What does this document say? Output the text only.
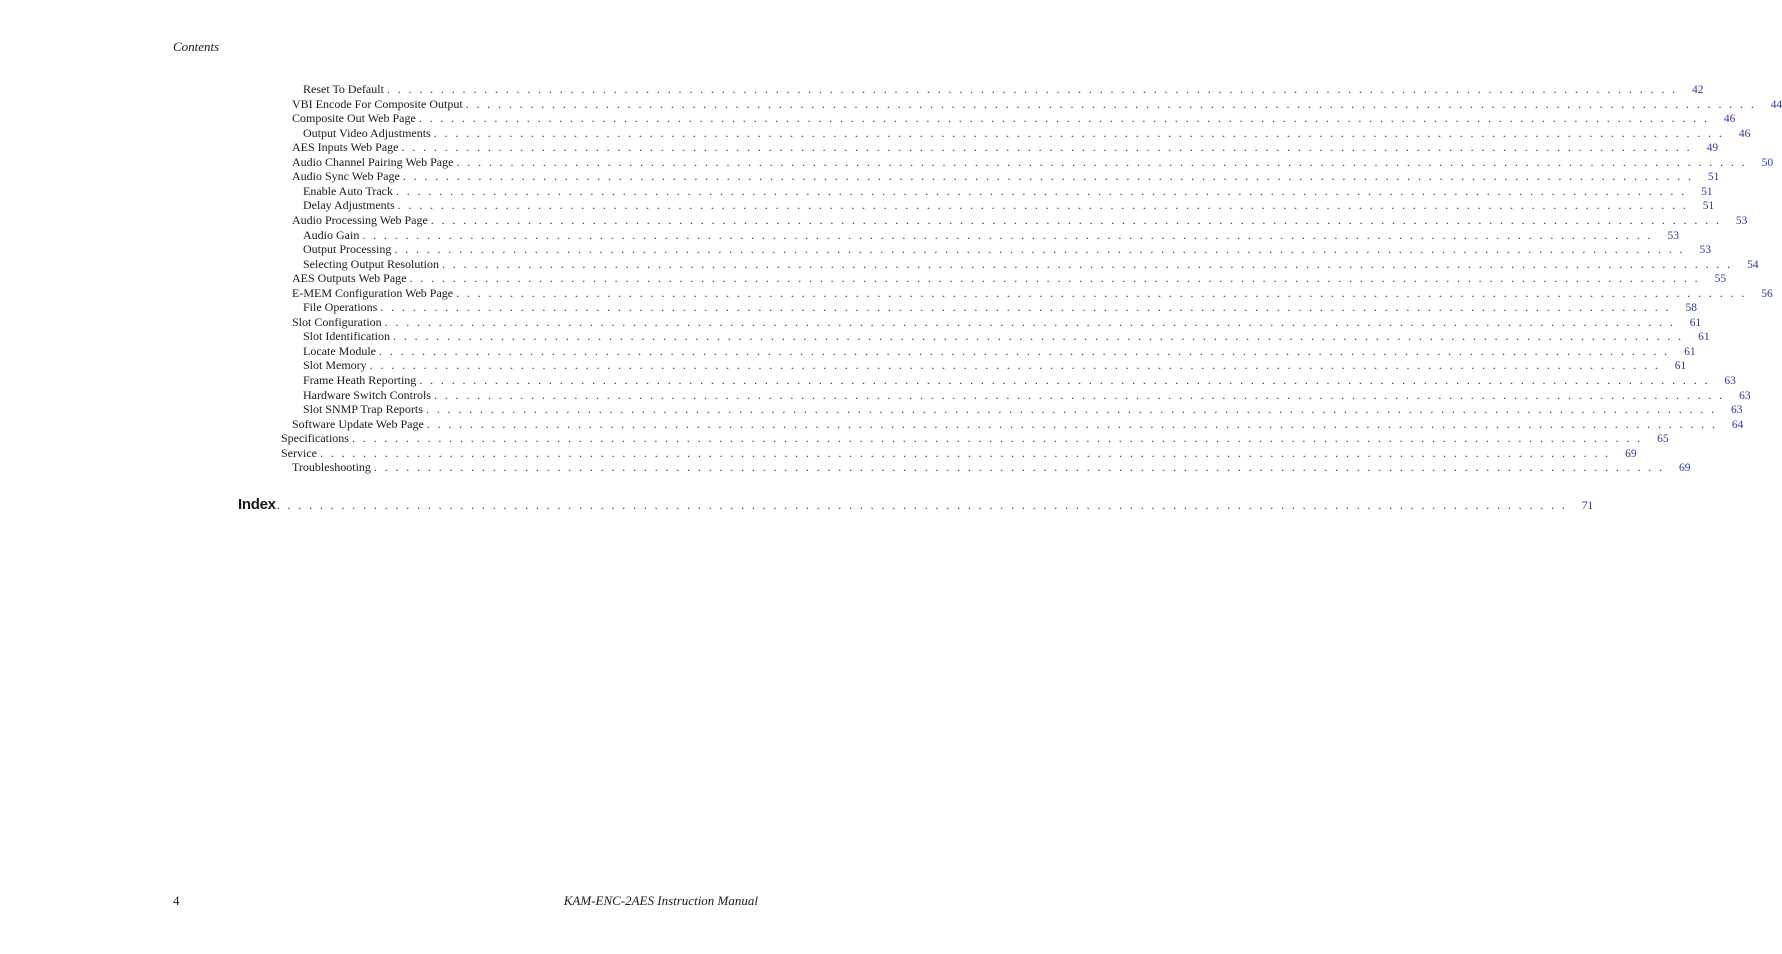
Contents
Reset To Default . . . . . . . . . . . . . . . . . . . . . . . . . . . . . . . . . . . . . . . . . . . . . . . . . . . . . . . . . . . . . . . . . . . . . . . . . . . . . . . . . . . . . . . . . . . . . . . . . . . . . . . . . . . . . . . . . . . . . . . .	42
VBI Encode For Composite Output . . . . . . . . . . . . . . . . . . . . . . . . . . . . . . . . . . . . . . . . . . . . . . . . . . . . . . . . . . . . . . . . . . . . . . . . . . . . . . . . . . . . . . . . . . . . . . . . . . . . . . . . . . . . . . . . . . . . . . . .	44
Composite Out Web Page . . . . . . . . . . . . . . . . . . . . . . . . . . . . . . . . . . . . . . . . . . . . . . . . . . . . . . . . . . . . . . . . . . . . . . . . . . . . . . . . . . . . . . . . . . . . . . . . . . . . . . . . . . . . . . . . . . . . . . . .	46
Output Video Adjustments . . . . . . . . . . . . . . . . . . . . . . . . . . . . . . . . . . . . . . . . . . . . . . . . . . . . . . . . . . . . . . . . . . . . . . . . . . . . . . . . . . . . . . . . . . . . . . . . . . . . . . . . . . . . . . . . . . . . . . . .	46
AES Inputs Web Page . . . . . . . . . . . . . . . . . . . . . . . . . . . . . . . . . . . . . . . . . . . . . . . . . . . . . . . . . . . . . . . . . . . . . . . . . . . . . . . . . . . . . . . . . . . . . . . . . . . . . . . . . . . . . . . . . . . . . . . .	49
Audio Channel Pairing Web Page . . . . . . . . . . . . . . . . . . . . . . . . . . . . . . . . . . . . . . . . . . . . . . . . . . . . . . . . . . . . . . . . . . . . . . . . . . . . . . . . . . . . . . . . . . . . . . . . . . . . . . . . . . . . . . . . . . . . . . . .	50
Audio Sync Web Page . . . . . . . . . . . . . . . . . . . . . . . . . . . . . . . . . . . . . . . . . . . . . . . . . . . . . . . . . . . . . . . . . . . . . . . . . . . . . . . . . . . . . . . . . . . . . . . . . . . . . . . . . . . . . . . . . . . . . . . .	51
Enable Auto Track . . . . . . . . . . . . . . . . . . . . . . . . . . . . . . . . . . . . . . . . . . . . . . . . . . . . . . . . . . . . . . . . . . . . . . . . . . . . . . . . . . . . . . . . . . . . . . . . . . . . . . . . . . . . . . . . . . . . . . . .	51
Delay Adjustments . . . . . . . . . . . . . . . . . . . . . . . . . . . . . . . . . . . . . . . . . . . . . . . . . . . . . . . . . . . . . . . . . . . . . . . . . . . . . . . . . . . . . . . . . . . . . . . . . . . . . . . . . . . . . . . . . . . . . . . .	51
Audio Processing Web Page . . . . . . . . . . . . . . . . . . . . . . . . . . . . . . . . . . . . . . . . . . . . . . . . . . . . . . . . . . . . . . . . . . . . . . . . . . . . . . . . . . . . . . . . . . . . . . . . . . . . . . . . . . . . . . . . . . . . . . . .	53
Audio Gain . . . . . . . . . . . . . . . . . . . . . . . . . . . . . . . . . . . . . . . . . . . . . . . . . . . . . . . . . . . . . . . . . . . . . . . . . . . . . . . . . . . . . . . . . . . . . . . . . . . . . . . . . . . . . . . . . . . . . . . .	53
Output Processing . . . . . . . . . . . . . . . . . . . . . . . . . . . . . . . . . . . . . . . . . . . . . . . . . . . . . . . . . . . . . . . . . . . . . . . . . . . . . . . . . . . . . . . . . . . . . . . . . . . . . . . . . . . . . . . . . . . . . . . .	53
Selecting Output Resolution . . . . . . . . . . . . . . . . . . . . . . . . . . . . . . . . . . . . . . . . . . . . . . . . . . . . . . . . . . . . . . . . . . . . . . . . . . . . . . . . . . . . . . . . . . . . . . . . . . . . . . . . . . . . . . . . . . . . . . . .	54
AES Outputs Web Page . . . . . . . . . . . . . . . . . . . . . . . . . . . . . . . . . . . . . . . . . . . . . . . . . . . . . . . . . . . . . . . . . . . . . . . . . . . . . . . . . . . . . . . . . . . . . . . . . . . . . . . . . . . . . . . . . . . . . . . .	55
E-MEM Configuration Web Page . . . . . . . . . . . . . . . . . . . . . . . . . . . . . . . . . . . . . . . . . . . . . . . . . . . . . . . . . . . . . . . . . . . . . . . . . . . . . . . . . . . . . . . . . . . . . . . . . . . . . . . . . . . . . . . . . . . . . . . .	56
File Operations . . . . . . . . . . . . . . . . . . . . . . . . . . . . . . . . . . . . . . . . . . . . . . . . . . . . . . . . . . . . . . . . . . . . . . . . . . . . . . . . . . . . . . . . . . . . . . . . . . . . . . . . . . . . . . . . . . . . . . . .	58
Slot Configuration . . . . . . . . . . . . . . . . . . . . . . . . . . . . . . . . . . . . . . . . . . . . . . . . . . . . . . . . . . . . . . . . . . . . . . . . . . . . . . . . . . . . . . . . . . . . . . . . . . . . . . . . . . . . . . . . . . . . . . . .	61
Slot Identification . . . . . . . . . . . . . . . . . . . . . . . . . . . . . . . . . . . . . . . . . . . . . . . . . . . . . . . . . . . . . . . . . . . . . . . . . . . . . . . . . . . . . . . . . . . . . . . . . . . . . . . . . . . . . . . . . . . . . . . .	61
Locate Module . . . . . . . . . . . . . . . . . . . . . . . . . . . . . . . . . . . . . . . . . . . . . . . . . . . . . . . . . . . . . . . . . . . . . . . . . . . . . . . . . . . . . . . . . . . . . . . . . . . . . . . . . . . . . . . . . . . . . . . .	61
Slot Memory . . . . . . . . . . . . . . . . . . . . . . . . . . . . . . . . . . . . . . . . . . . . . . . . . . . . . . . . . . . . . . . . . . . . . . . . . . . . . . . . . . . . . . . . . . . . . . . . . . . . . . . . . . . . . . . . . . . . . . . .	61
Frame Heath Reporting . . . . . . . . . . . . . . . . . . . . . . . . . . . . . . . . . . . . . . . . . . . . . . . . . . . . . . . . . . . . . . . . . . . . . . . . . . . . . . . . . . . . . . . . . . . . . . . . . . . . . . . . . . . . . . . . . . . . . . . .	63
Hardware Switch Controls . . . . . . . . . . . . . . . . . . . . . . . . . . . . . . . . . . . . . . . . . . . . . . . . . . . . . . . . . . . . . . . . . . . . . . . . . . . . . . . . . . . . . . . . . . . . . . . . . . . . . . . . . . . . . . . . . . . . . . . .	63
Slot SNMP Trap Reports . . . . . . . . . . . . . . . . . . . . . . . . . . . . . . . . . . . . . . . . . . . . . . . . . . . . . . . . . . . . . . . . . . . . . . . . . . . . . . . . . . . . . . . . . . . . . . . . . . . . . . . . . . . . . . . . . . . . . . . .	63
Software Update Web Page . . . . . . . . . . . . . . . . . . . . . . . . . . . . . . . . . . . . . . . . . . . . . . . . . . . . . . . . . . . . . . . . . . . . . . . . . . . . . . . . . . . . . . . . . . . . . . . . . . . . . . . . . . . . . . . . . . . . . . . .	64
Specifications . . . . . . . . . . . . . . . . . . . . . . . . . . . . . . . . . . . . . . . . . . . . . . . . . . . . . . . . . . . . . . . . . . . . . . . . . . . . . . . . . . . . . . . . . . . . . . . . . . . . . . . . . . . . . . . . . . . . . . . .	65
Service . . . . . . . . . . . . . . . . . . . . . . . . . . . . . . . . . . . . . . . . . . . . . . . . . . . . . . . . . . . . . . . . . . . . . . . . . . . . . . . . . . . . . . . . . . . . . . . . . . . . . . . . . . . . . . . . . . . . . . . .	69
Troubleshooting . . . . . . . . . . . . . . . . . . . . . . . . . . . . . . . . . . . . . . . . . . . . . . . . . . . . . . . . . . . . . . . . . . . . . . . . . . . . . . . . . . . . . . . . . . . . . . . . . . . . . . . . . . . . . . . . . . . . . . . .	69
Index . . . . . . . . . . . . . . . . . . . . . . . . . . . . . . . . . . . . . . . . . . . . . . . . . . . . . . . . . . . . . . . . . . . . . . . . . . . . . . . . . . . . . . . . . . . . . . . . . . . . . . . . . . . . . . . . . . . . . . . .	71
4	KAM-ENC-2AES Instruction Manual
